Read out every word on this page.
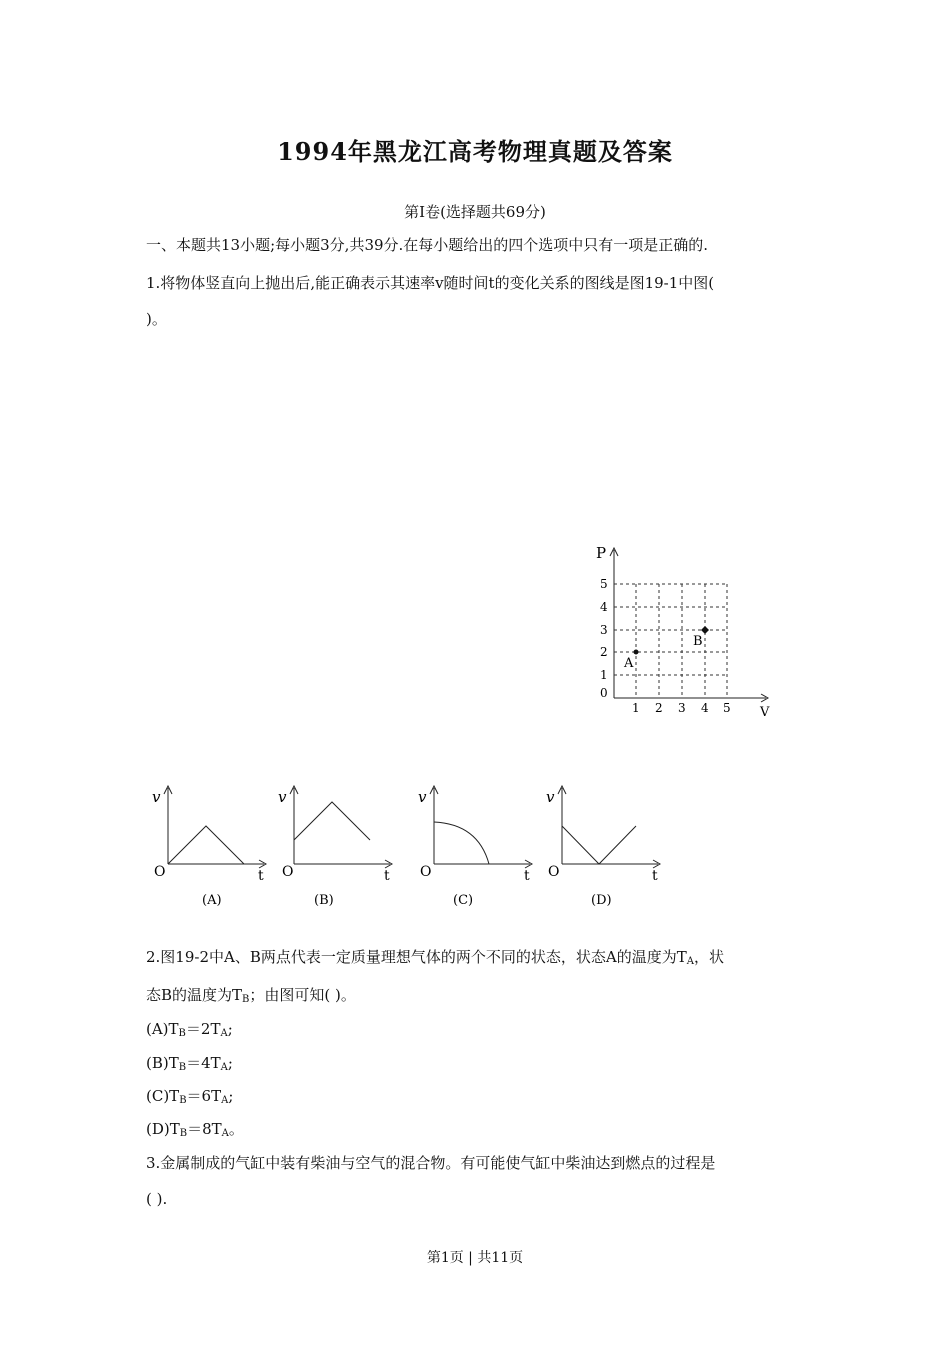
1994年黑龙江高考物理真题及答案
第Ⅰ卷(选择题共69分)
一、本题共13小题;每小题3分,共39分.在每小题给出的四个选项中只有一项是正确的.
1.将物体竖直向上抛出后,能正确表示其速率v随时间t的变化关系的图线是图19-1中图(
)。
P
V
0
1
2
3
4
5
1 2 3 4 5
A
B
v	v	v	v
t	t	t	t
O	O	O	O
(A)	(B)	(C)	(D)
2.图19-2中A、B两点代表一定质量理想气体的两个不同的状态，状态A的温度为$T_A$，状
态B的温度为$T_B$；由图可知( )。
$(A)T_B=2T_A$;
$(B)T_B=4T_A$;
$(C)T_B=6T_A$;
$(D)T_B=8T_A$。
3.金属制成的气缸中装有柴油与空气的混合物。有可能使气缸中柴油达到燃点的过程是
( ).
第1页 | 共11页
